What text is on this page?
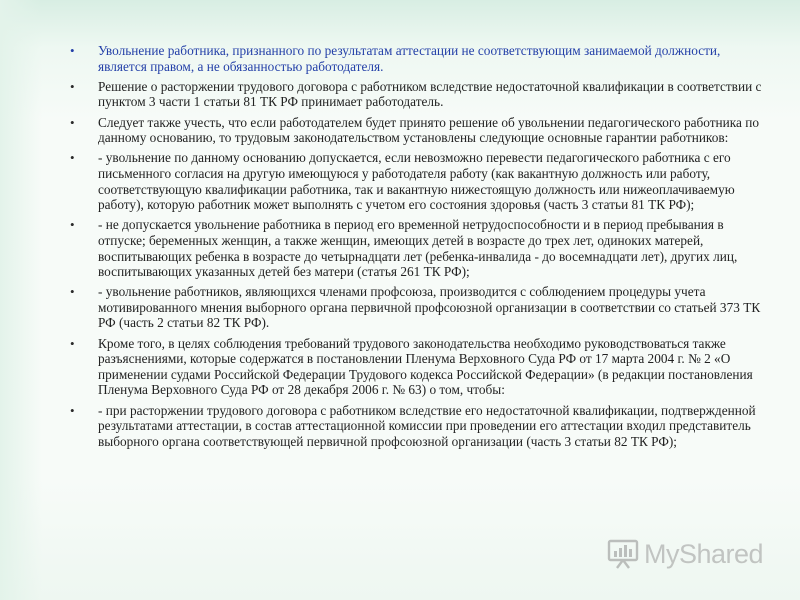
• Увольнение работника, признанного по результатам аттестации не соответствующим занимаемой должности, является правом, а не обязанностью работодателя.
• Решение о расторжении трудового договора с работником вследствие недостаточной квалификации в соответствии с пунктом 3 части 1 статьи 81 ТК РФ принимает работодатель.
• Следует также учесть, что если работодателем будет принято решение об увольнении педагогического работника по данному основанию, то трудовым законодательством установлены следующие основные гарантии работников:
• - увольнение по данному основанию допускается, если невозможно перевести педагогического работника с его письменного согласия на другую имеющуюся у работодателя работу (как вакантную должность или работу, соответствующую квалификации работника, так и вакантную нижестоящую должность или нижеоплачиваемую работу), которую работник может выполнять с учетом его состояния здоровья (часть 3 статьи 81 ТК РФ);
• - не допускается увольнение работника в период его временной нетрудоспособности и в период пребывания в отпуске; беременных женщин, а также женщин, имеющих детей в возрасте до трех лет, одиноких матерей, воспитывающих ребенка в возрасте до четырнадцати лет (ребенка-инвалида - до восемнадцати лет), других лиц, воспитывающих указанных детей без матери (статья 261 ТК РФ);
• - увольнение работников, являющихся членами профсоюза, производится с соблюдением процедуры учета мотивированного мнения выборного органа первичной профсоюзной организации в соответствии со статьей 373 ТК РФ (часть 2 статьи 82 ТК РФ).
• Кроме того, в целях соблюдения требований трудового законодательства необходимо руководствоваться также разъяснениями, которые содержатся в постановлении Пленума Верховного Суда РФ от 17 марта 2004 г. № 2 «О применении судами Российской Федерации Трудового кодекса Российской Федерации» (в редакции постановления Пленума Верховного Суда РФ от 28 декабря 2006 г. № 63) о том, чтобы:
• - при расторжении трудового договора с работником вследствие его недостаточной квалификации, подтвержденной результатами аттестации, в состав аттестационной комиссии при проведении его аттестации входил представитель выборного органа соответствующей первичной профсоюзной организации (часть 3 статьи 82 ТК РФ);
MyShared
